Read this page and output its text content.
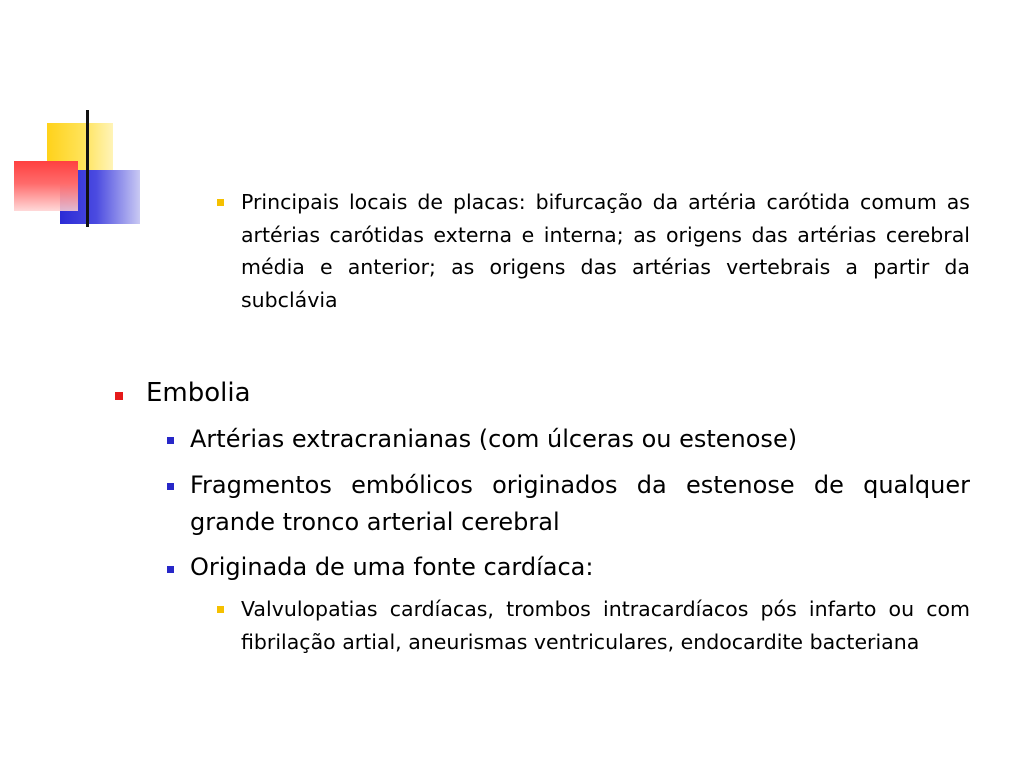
Principais locais de placas: bifurcação da artéria carótida comum as artérias carótidas externa e interna; as origens das artérias cerebral média e anterior; as origens das artérias vertebrais a partir da subclávia

Embolia

Artérias extracranianas (com úlceras ou estenose)

Fragmentos embólicos originados da estenose de qualquer grande tronco arterial cerebral

Originada de uma fonte cardíaca:

Valvulopatias cardíacas, trombos intracardíacos pós infarto ou com fibrilação artial, aneurismas ventriculares, endocardite bacteriana
